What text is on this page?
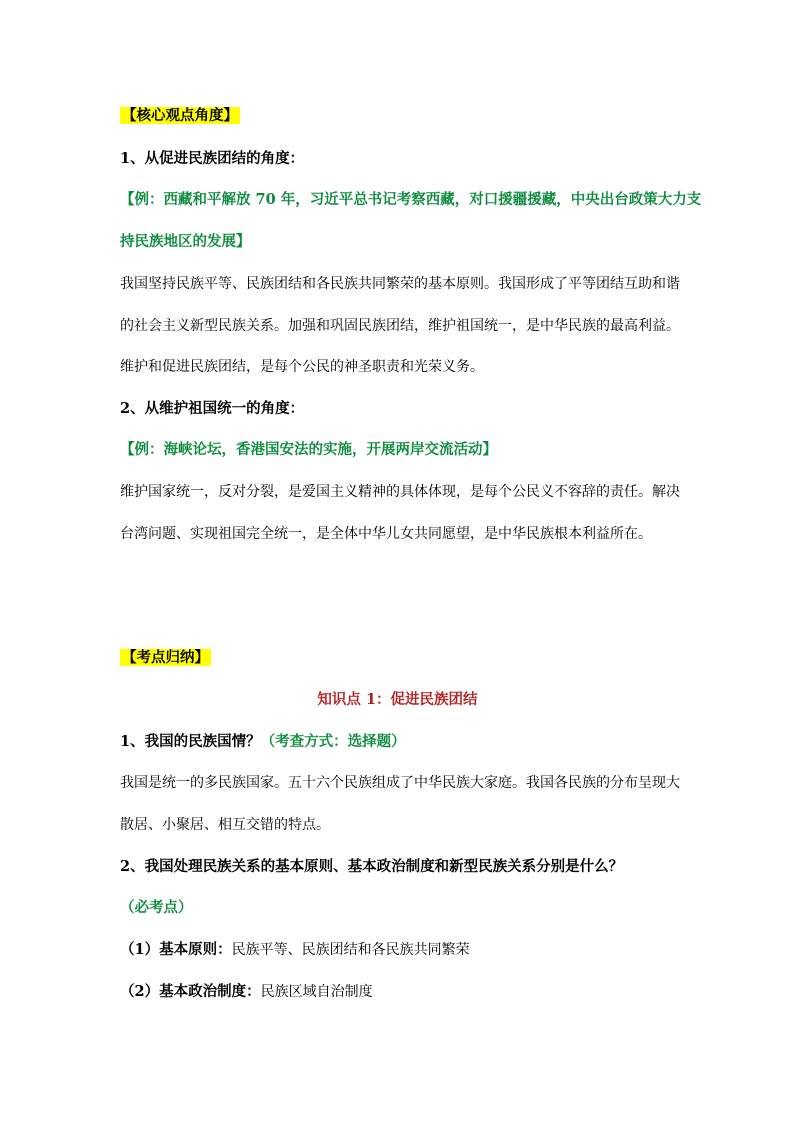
【核心观点角度】
1、从促进民族团结的角度：
【例：西藏和平解放 70 年，习近平总书记考察西藏，对口援疆援藏，中央出台政策大力支
持民族地区的发展】
我国坚持民族平等、民族团结和各民族共同繁荣的基本原则。我国形成了平等团结互助和谐
的社会主义新型民族关系。加强和巩固民族团结，维护祖国统一，是中华民族的最高利益。
维护和促进民族团结，是每个公民的神圣职责和光荣义务。
2、从维护祖国统一的角度：
【例：海峡论坛，香港国安法的实施，开展两岸交流活动】
维护国家统一，反对分裂，是爱国主义精神的具体体现，是每个公民义不容辞的责任。解决
台湾问题、实现祖国完全统一，是全体中华儿女共同愿望，是中华民族根本利益所在。
【考点归纳】
知识点 1：促进民族团结
1、我国的民族国情？（考查方式：选择题）
我国是统一的多民族国家。五十六个民族组成了中华民族大家庭。我国各民族的分布呈现大
散居、小聚居、相互交错的特点。
2、我国处理民族关系的基本原则、基本政治制度和新型民族关系分别是什么？
（必考点）
（1）基本原则：民族平等、民族团结和各民族共同繁荣
（2）基本政治制度：民族区域自治制度
